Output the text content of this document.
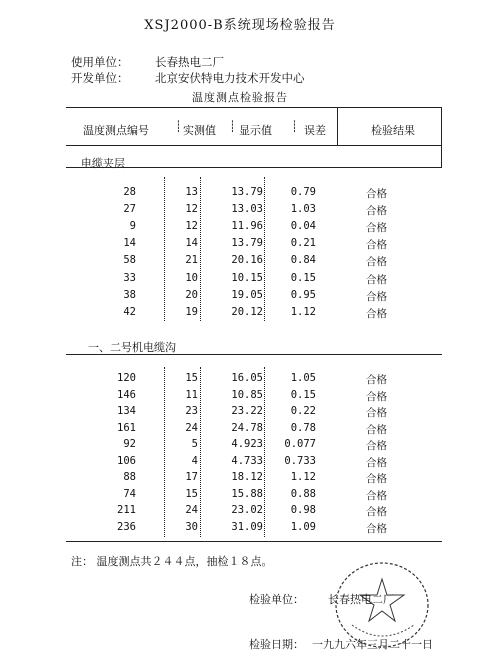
XSJ2000-B系统现场检验报告
使用单位： 长春热电二厂
开发单位： 北京安伏特电力技术开发中心
温度测点检验报告
温度测点编号 ┊ 实测值 ┊ 显示值 ┊ 误差	检验结果
电缆夹层
28	13	13.79	0.79	合格
27	12	13.03	1.03	合格
9	12	11.96	0.04	合格
14	14	13.79	0.21	合格
58	21	20.16	0.84	合格
33	10	10.15	0.15	合格
38	20	19.05	0.95	合格
42	19	20.12	1.12	合格
一、二号机电缆沟
120	15	16.05	1.05	合格
146	11	10.85	0.15	合格
134	23	23.22	0.22	合格
161	24	24.78	0.78	合格
92	5	4.923	0.077	合格
106	4	4.733	0.733	合格
88	17	18.12	1.12	合格
74	15	15.88	0.88	合格
211	24	23.02	0.98	合格
236	30	31.09	1.09	合格
注： 温度测点共２４４点，抽检１８点。
检验单位： 长春热电二厂
检验日期： 一九九六年三月二十一日
